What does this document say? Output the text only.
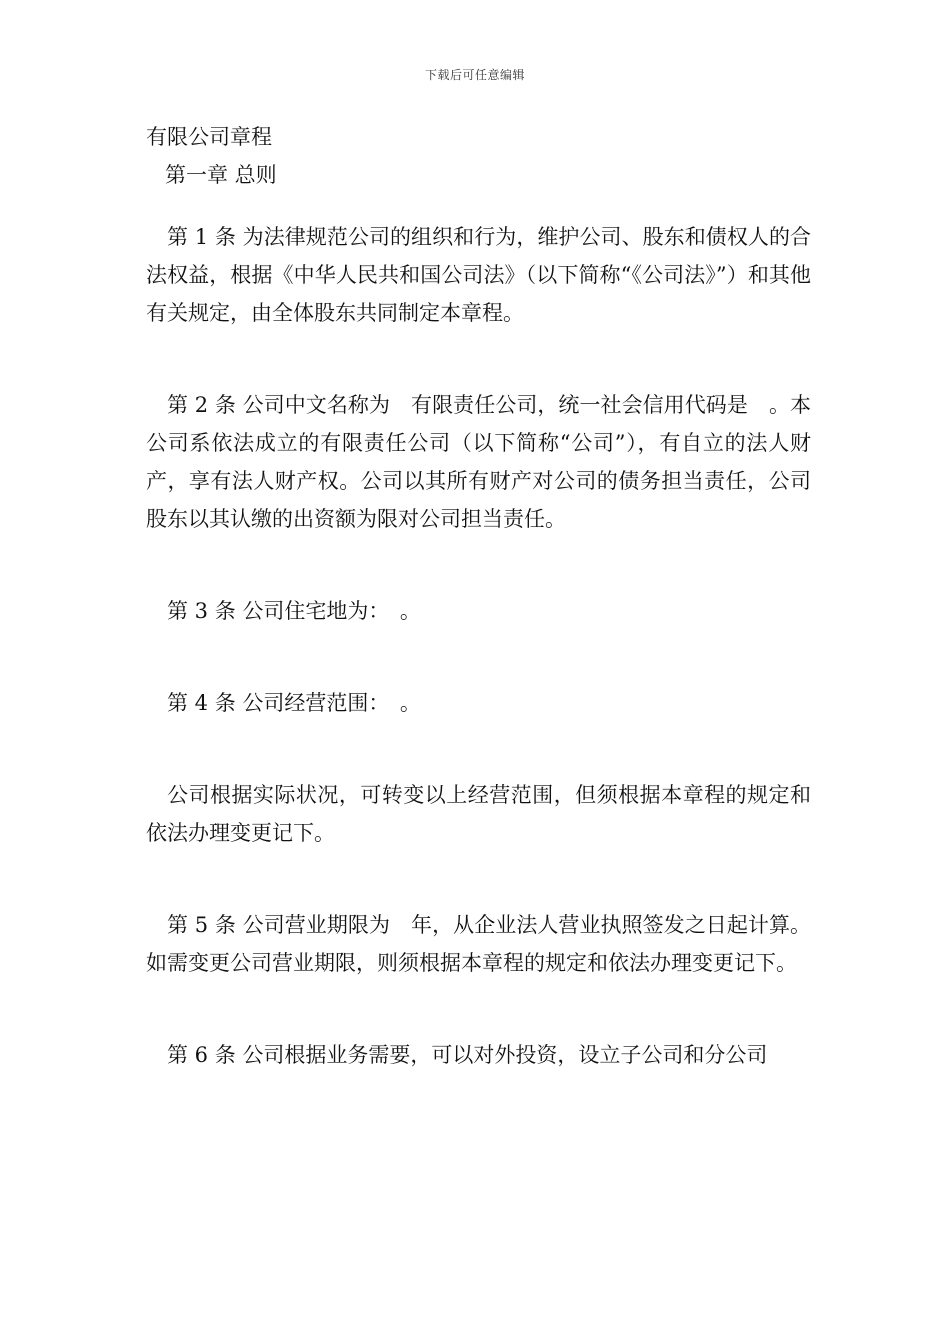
下载后可任意编辑
有限公司章程
第一章 总则

第 1 条 为法律规范公司的组织和行为，维护公司、股东和债权人的合法权益，根据《中华人民共和国公司法》（以下简称“《公司法》”）和其他有关规定，由全体股东共同制定本章程。

第 2 条 公司中文名称为　有限责任公司，统一社会信用代码是　。本公司系依法成立的有限责任公司（以下简称“公司”），有自立的法人财产，享有法人财产权。公司以其所有财产对公司的债务担当责任，公司股东以其认缴的出资额为限对公司担当责任。

第 3 条 公司住宅地为：　。

第 4 条 公司经营范围：　。

公司根据实际状况，可转变以上经营范围，但须根据本章程的规定和依法办理变更记下。

第 5 条 公司营业期限为　年，从企业法人营业执照签发之日起计算。如需变更公司营业期限，则须根据本章程的规定和依法办理变更记下。

第 6 条 公司根据业务需要，可以对外投资，设立子公司和分公司
